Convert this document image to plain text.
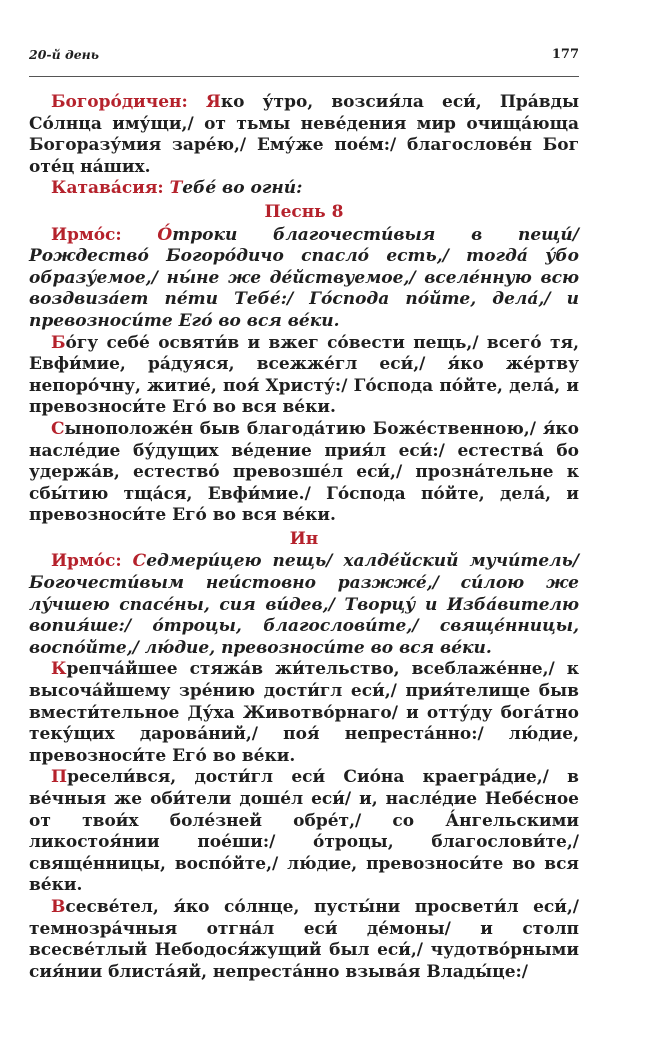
20-й день	177

Богоро́дичен: Яко у́тро, возсия́ла еси́, Пра́вды Со́лнца иму́щи,/ от тьмы неве́дения мир очища́юща Богоразу́мия заре́ю,/ Ему́же пое́м:/ благослове́н Бог оте́ц на́ших.

Катава́сия: Тебе́ во огни́:

Песнь 8

Ирмо́с: О́троки благочести́выя в пещи́/ Рождество́ Богоро́дичо спасло́ есть,/ тогда́ у́бо образу́емое,/ ны́не же де́йствуемое,/ вселе́нную всю воздвиза́ет пе́ти Тебе́:/ Го́спода по́йте, дела́,/ и превозноси́те Его́ во вся ве́ки.

Бо́гу себе́ освяти́в и вжег со́вести пещь,/ всего́ тя, Евфи́мие, ра́дуяся, всежже́гл еси́,/ я́ко же́ртву непоро́чну, житие́, поя́ Христу́:/ Го́спода по́йте, дела́, и превозноси́те Его́ во вся ве́ки.

Сыноположе́н быв благода́тию Боже́ственною,/ я́ко насле́дие бу́дущих ве́дение прия́л еси́:/ естества́ бо удержа́в, естество́ превозше́л еси́,/ прозна́тельне к сбы́тию тща́ся, Евфи́мие./ Го́спода по́йте, дела́, и превозноси́те Его́ во вся ве́ки.

Ин

Ирмо́с: Седмери́цею пещь/ халде́йский мучи́тель/ Богочести́вым неи́стовно разжже́,/ си́лою же лу́чшею спасе́ны, сия ви́дев,/ Творцу́ и Изба́вителю вопия́ше:/ о́троцы, благослови́те,/ свяще́нницы, воспо́йте,/ лю́дие, превозноси́те во вся ве́ки.

Крепча́йшее стяжа́в жи́тельство, всеблаже́нне,/ к высоча́йшему зре́нию дости́гл еси́,/ прия́телище быв вмести́тельное Ду́ха Животво́рнаго/ и отту́ду бога́тно теку́щих дарова́ний,/ поя́ непреста́нно:/ лю́дие, превозноси́те Его́ во ве́ки.

Пресели́вся, дости́гл еси́ Сио́на краегра́дие,/ в ве́чныя же оби́тели доше́л еси́/ и, насле́дие Небе́сное от твои́х боле́зней обре́т,/ со А́нгельскими ликостоя́нии пое́ши:/ о́троцы, благослови́те,/ свяще́нницы, воспо́йте,/ лю́дие, превозноси́те во вся ве́ки.

Всесве́тел, я́ко со́лнце, пусты́ни просвети́л еси́,/ темнозра́чныя отгна́л еси́ де́моны/ и столп всесве́тлый Небодося́жущий был еси́,/ чудотво́рными сия́нии блиста́яй, непреста́нно взыва́я Влады́це:/
